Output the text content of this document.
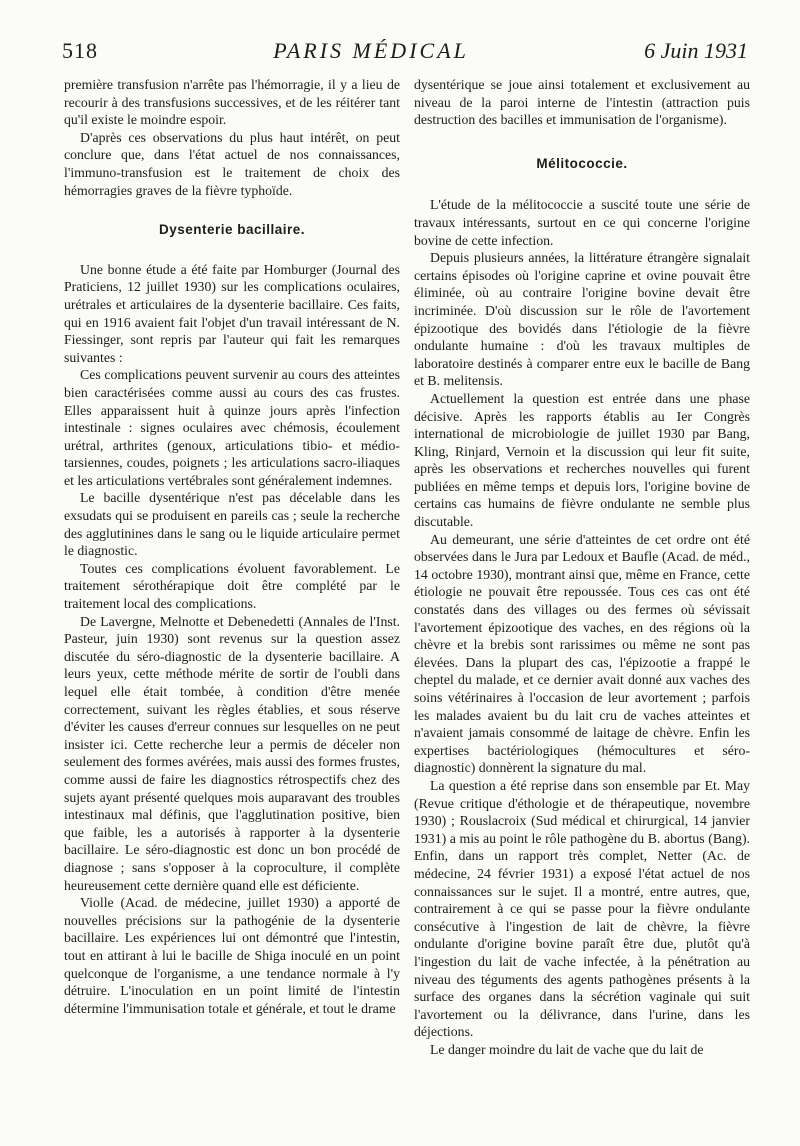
518	PARIS MÉDICAL	6 Juin 1931

première transfusion n'arrête pas l'hémorragie, il y a lieu de recourir à des transfusions successives, et de les réitérer tant qu'il existe le moindre espoir.

D'après ces observations du plus haut intérêt, on peut conclure que, dans l'état actuel de nos connaissances, l'immuno-transfusion est le traitement de choix des hémorragies graves de la fièvre typhoïde.

Dysenterie bacillaire.

Une bonne étude a été faite par Homburger (Journal des Praticiens, 12 juillet 1930) sur les complications oculaires, urétrales et articulaires de la dysenterie bacillaire. Ces faits, qui en 1916 avaient fait l'objet d'un travail intéressant de N. Fiessinger, sont repris par l'auteur qui fait les remarques suivantes :

Ces complications peuvent survenir au cours des atteintes bien caractérisées comme aussi au cours des cas frustes. Elles apparaissent huit à quinze jours après l'infection intestinale : signes oculaires avec chémosis, écoulement urétral, arthrites (genoux, articulations tibio- et médio-tarsiennes, coudes, poignets ; les articulations sacro-iliaques et les articulations vertébrales sont généralement indemnes.

Le bacille dysentérique n'est pas décelable dans les exsudats qui se produisent en pareils cas ; seule la recherche des agglutinines dans le sang ou le liquide articulaire permet le diagnostic.

Toutes ces complications évoluent favorablement. Le traitement sérothérapique doit être complété par le traitement local des complications.

De Lavergne, Melnotte et Debenedetti (Annales de l'Inst. Pasteur, juin 1930) sont revenus sur la question assez discutée du séro-diagnostic de la dysenterie bacillaire. A leurs yeux, cette méthode mérite de sortir de l'oubli dans lequel elle était tombée, à condition d'être menée correctement, suivant les règles établies, et sous réserve d'éviter les causes d'erreur connues sur lesquelles on ne peut insister ici. Cette recherche leur a permis de déceler non seulement des formes avérées, mais aussi des formes frustes, comme aussi de faire les diagnostics rétrospectifs chez des sujets ayant présenté quelques mois auparavant des troubles intestinaux mal définis, que l'agglutination positive, bien que faible, les a autorisés à rapporter à la dysenterie bacillaire. Le séro-diagnostic est donc un bon procédé de diagnose ; sans s'opposer à la coproculture, il complète heureusement cette dernière quand elle est déficiente.

Violle (Acad. de médecine, juillet 1930) a apporté de nouvelles précisions sur la pathogénie de la dysenterie bacillaire. Les expériences lui ont démontré que l'intestin, tout en attirant à lui le bacille de Shiga inoculé en un point quelconque de l'organisme, a une tendance normale à l'y détruire. L'inoculation en un point limité de l'intestin détermine l'immunisation totale et générale, et tout le drame

dysentérique se joue ainsi totalement et exclusivement au niveau de la paroi interne de l'intestin (attraction puis destruction des bacilles et immunisation de l'organisme).

Mélitococcie.

L'étude de la mélitococcie a suscité toute une série de travaux intéressants, surtout en ce qui concerne l'origine bovine de cette infection.

Depuis plusieurs années, la littérature étrangère signalait certains épisodes où l'origine caprine et ovine pouvait être éliminée, où au contraire l'origine bovine devait être incriminée. D'où discussion sur le rôle de l'avortement épizootique des bovidés dans l'étiologie de la fièvre ondulante humaine : d'où les travaux multiples de laboratoire destinés à comparer entre eux le bacille de Bang et B. melitensis.

Actuellement la question est entrée dans une phase décisive. Après les rapports établis au Ier Congrès international de microbiologie de juillet 1930 par Bang, Kling, Rinjard, Vernoin et la discussion qui leur fit suite, après les observations et recherches nouvelles qui furent publiées en même temps et depuis lors, l'origine bovine de certains cas humains de fièvre ondulante ne semble plus discutable.

Au demeurant, une série d'atteintes de cet ordre ont été observées dans le Jura par Ledoux et Baufle (Acad. de méd., 14 octobre 1930), montrant ainsi que, même en France, cette étiologie ne pouvait être repoussée. Tous ces cas ont été constatés dans des villages ou des fermes où sévissait l'avortement épizootique des vaches, en des régions où la chèvre et la brebis sont rarissimes ou même ne sont pas élevées. Dans la plupart des cas, l'épizootie a frappé le cheptel du malade, et ce dernier avait donné aux vaches des soins vétérinaires à l'occasion de leur avortement ; parfois les malades avaient bu du lait cru de vaches atteintes et n'avaient jamais consommé de laitage de chèvre. Enfin les expertises bactériologiques (hémocultures et séro-diagnostic) donnèrent la signature du mal.

La question a été reprise dans son ensemble par Et. May (Revue critique d'éthologie et de thérapeutique, novembre 1930) ; Rouslacroix (Sud médical et chirurgical, 14 janvier 1931) a mis au point le rôle pathogène du B. abortus (Bang). Enfin, dans un rapport très complet, Netter (Ac. de médecine, 24 février 1931) a exposé l'état actuel de nos connaissances sur le sujet. Il a montré, entre autres, que, contrairement à ce qui se passe pour la fièvre ondulante consécutive à l'ingestion de lait de chèvre, la fièvre ondulante d'origine bovine paraît être due, plutôt qu'à l'ingestion du lait de vache infectée, à la pénétration au niveau des téguments des agents pathogènes présents à la surface des organes dans la sécrétion vaginale qui suit l'avortement ou la délivrance, dans l'urine, dans les déjections.

Le danger moindre du lait de vache que du lait de
